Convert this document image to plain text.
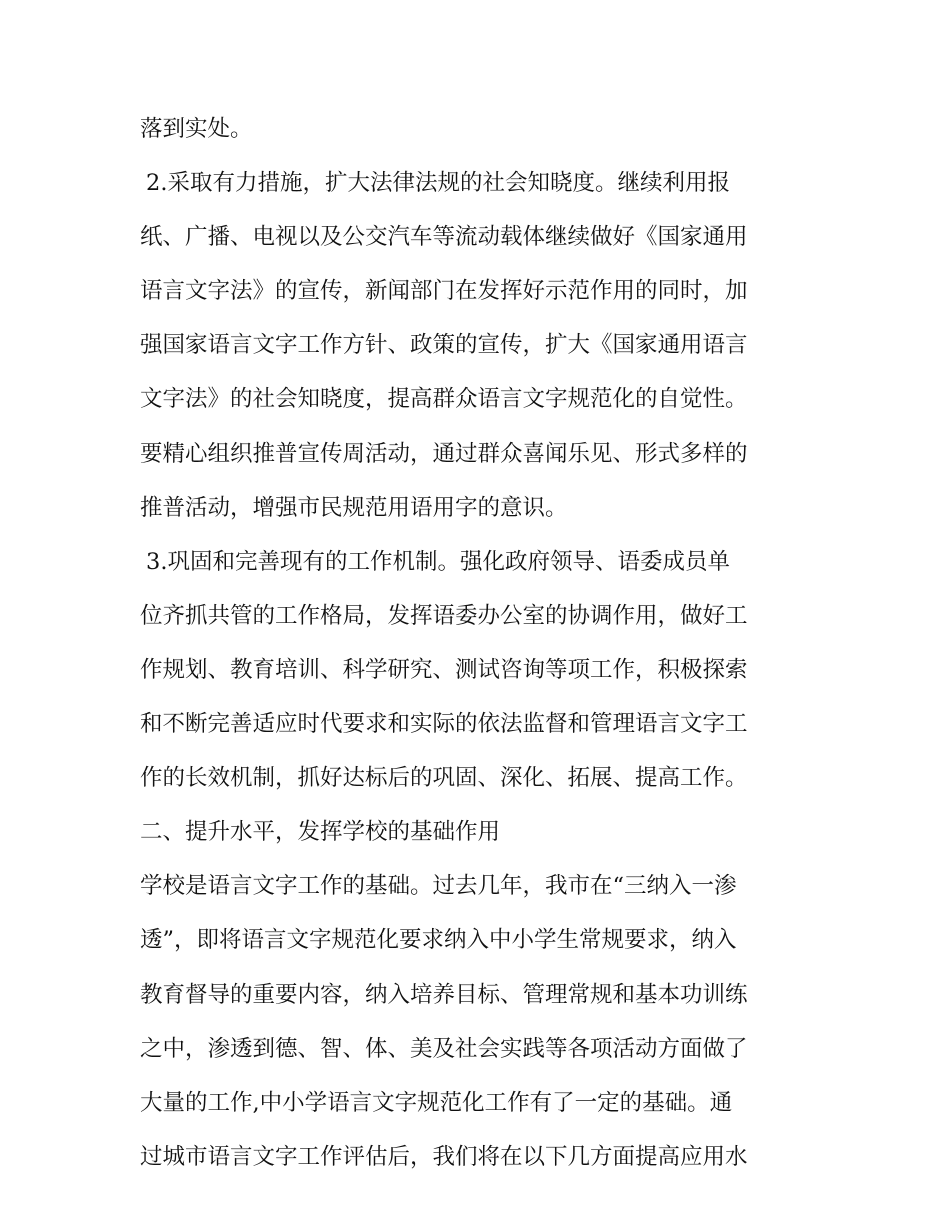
落到实处。
2.采取有力措施，扩大法律法规的社会知晓度。继续利用报
纸、广播、电视以及公交汽车等流动载体继续做好《国家通用
语言文字法》的宣传，新闻部门在发挥好示范作用的同时，加
强国家语言文字工作方针、政策的宣传，扩大《国家通用语言
文字法》的社会知晓度，提高群众语言文字规范化的自觉性。
要精心组织推普宣传周活动，通过群众喜闻乐见、形式多样的
推普活动，增强市民规范用语用字的意识。
3.巩固和完善现有的工作机制。强化政府领导、语委成员单
位齐抓共管的工作格局，发挥语委办公室的协调作用，做好工
作规划、教育培训、科学研究、测试咨询等项工作，积极探索
和不断完善适应时代要求和实际的依法监督和管理语言文字工
作的长效机制，抓好达标后的巩固、深化、拓展、提高工作。
二、提升水平，发挥学校的基础作用
学校是语言文字工作的基础。过去几年，我市在“三纳入一渗
透”，即将语言文字规范化要求纳入中小学生常规要求，纳入
教育督导的重要内容，纳入培养目标、管理常规和基本功训练
之中，渗透到德、智、体、美及社会实践等各项活动方面做了
大量的工作,中小学语言文字规范化工作有了一定的基础。通
过城市语言文字工作评估后，我们将在以下几方面提高应用水
